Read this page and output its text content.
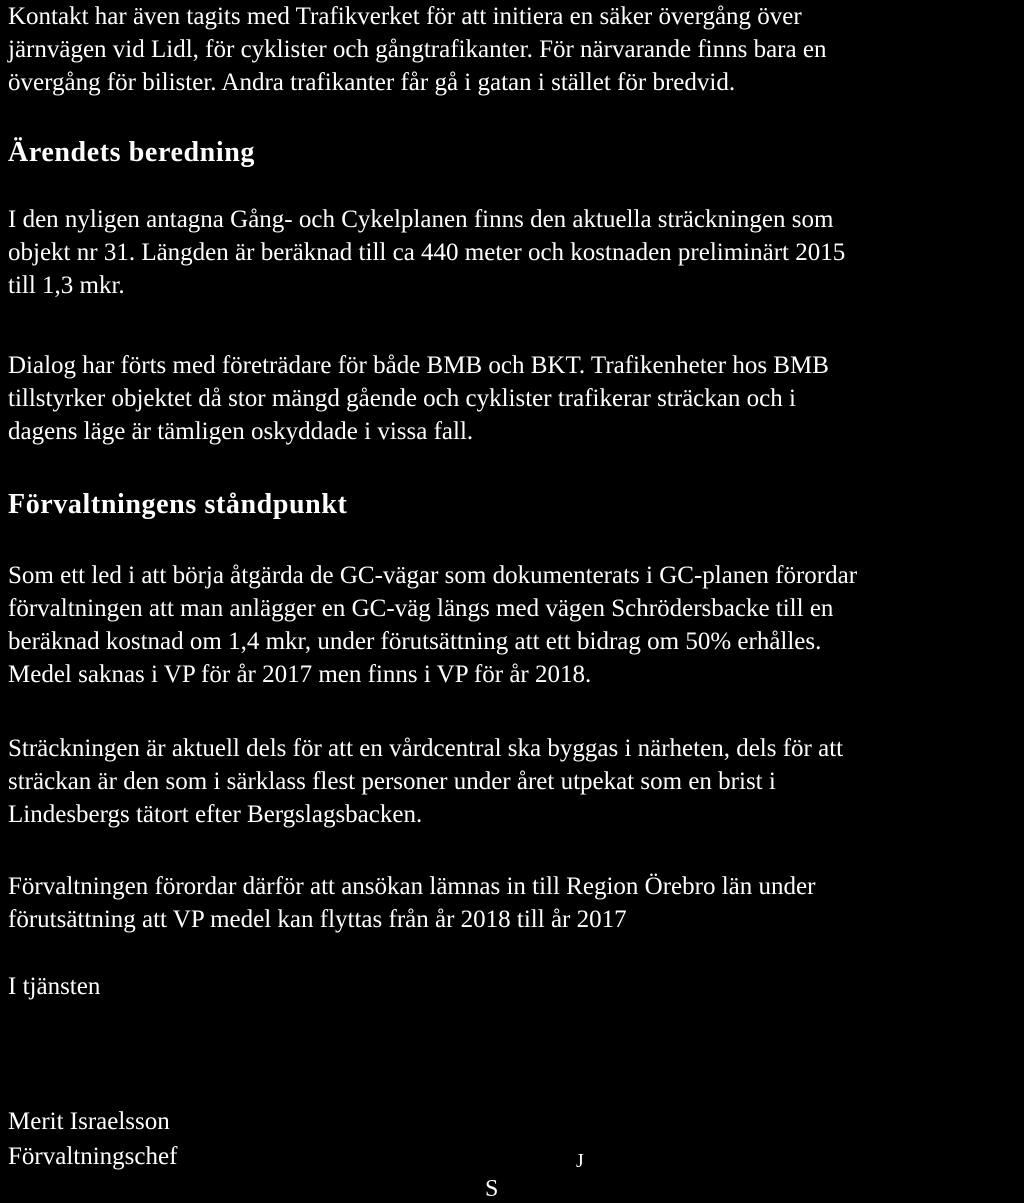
Kontakt har även tagits med Trafikverket för att initiera en säker övergång över
järnvägen vid Lidl, för cyklister och gångtrafikanter. För närvarande finns bara en
övergång för bilister. Andra trafikanter får gå i gatan i stället för bredvid.

Ärendets beredning

I den nyligen antagna Gång- och Cykelplanen finns den aktuella sträckningen som
objekt nr 31. Längden är beräknad till ca 440 meter och kostnaden preliminärt 2015
till 1,3 mkr.

Dialog har förts med företrädare för både BMB och BKT. Trafikenheter hos BMB
tillstyrker objektet då stor mängd gående och cyklister trafikerar sträckan och i
dagens läge är tämligen oskyddade i vissa fall.

Förvaltningens ståndpunkt

Som ett led i att börja åtgärda de GC-vägar som dokumenterats i GC-planen förordar
förvaltningen att man anlägger en GC-väg längs med vägen Schrödersbacke till en
beräknad kostnad om 1,4 mkr, under förutsättning att ett bidrag om 50% erhålles.
Medel saknas i VP för år 2017 men finns i VP för år 2018.

Sträckningen är aktuell dels för att en vårdcentral ska byggas i närheten, dels för att
sträckan är den som i särklass flest personer under året utpekat som en brist i
Lindesbergs tätort efter Bergslagsbacken.

Förvaltningen förordar därför att ansökan lämnas in till Region Örebro län under
förutsättning att VP medel kan flyttas från år 2018 till år 2017

I tjänsten
Merit Israelsson
Förvaltningschef	J
S
